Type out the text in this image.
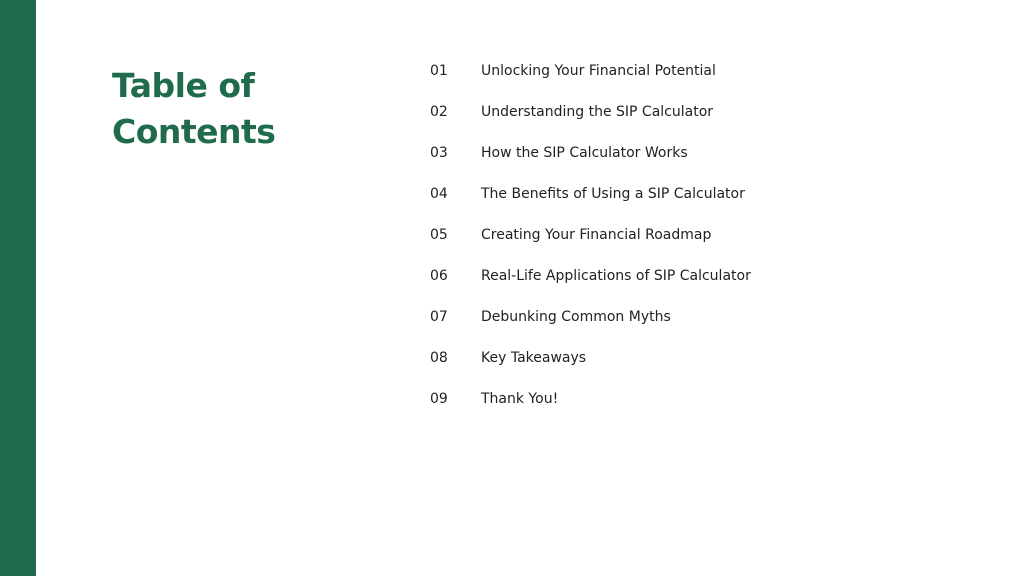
Table of
Contents
01	Unlocking Your Financial Potential
02	Understanding the SIP Calculator
03	How the SIP Calculator Works
04	The Benefits of Using a SIP Calculator
05	Creating Your Financial Roadmap
06	Real-Life Applications of SIP Calculator
07	Debunking Common Myths
08	Key Takeaways
09	Thank You!
